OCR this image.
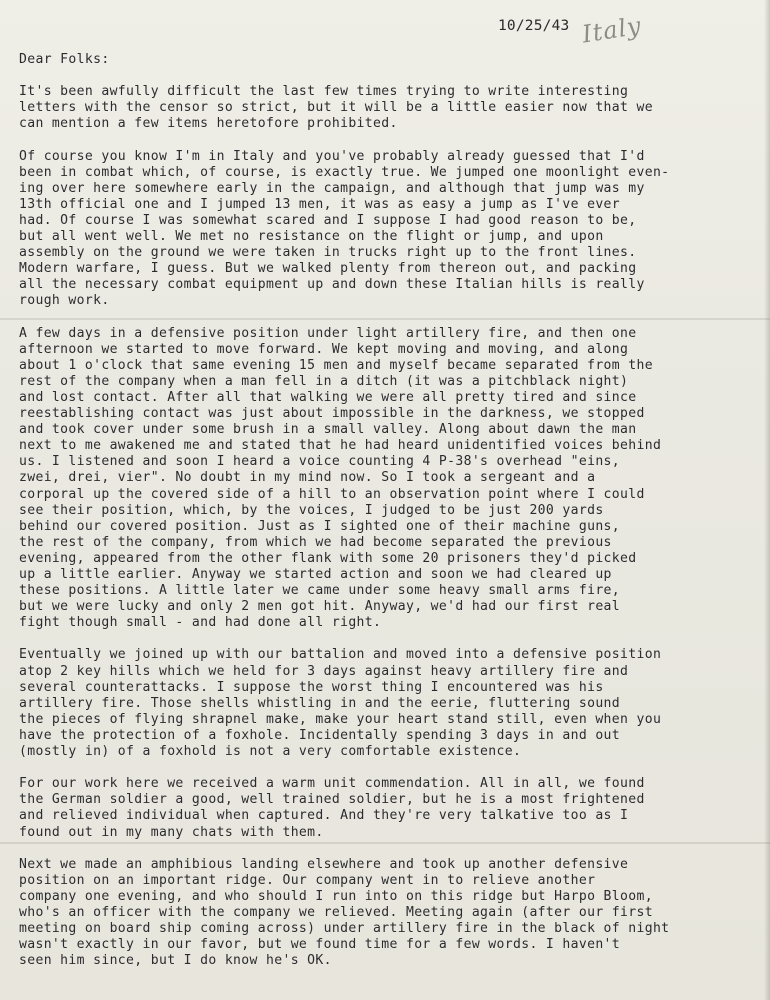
10/25/43 Italy

Dear Folks:

It's been awfully difficult the last few times trying to write interesting
letters with the censor so strict, but it will be a little easier now that we
can mention a few items heretofore prohibited.

Of course you know I'm in Italy and you've probably already guessed that I'd
been in combat which, of course, is exactly true. We jumped one moonlight even-
ing over here somewhere early in the campaign, and although that jump was my
13th official one and I jumped 13 men, it was as easy a jump as I've ever
had. Of course I was somewhat scared and I suppose I had good reason to be,
but all went well. We met no resistance on the flight or jump, and upon
assembly on the ground we were taken in trucks right up to the front lines.
Modern warfare, I guess. But we walked plenty from thereon out, and packing
all the necessary combat equipment up and down these Italian hills is really
rough work.

A few days in a defensive position under light artillery fire, and then one
afternoon we started to move forward. We kept moving and moving, and along
about 1 o'clock that same evening 15 men and myself became separated from the
rest of the company when a man fell in a ditch (it was a pitchblack night)
and lost contact. After all that walking we were all pretty tired and since
reestablishing contact was just about impossible in the darkness, we stopped
and took cover under some brush in a small valley. Along about dawn the man
next to me awakened me and stated that he had heard unidentified voices behind
us. I listened and soon I heard a voice counting 4 P-38's overhead "eins,
zwei, drei, vier". No doubt in my mind now. So I took a sergeant and a
corporal up the covered side of a hill to an observation point where I could
see their position, which, by the voices, I judged to be just 200 yards
behind our covered position. Just as I sighted one of their machine guns,
the rest of the company, from which we had become separated the previous
evening, appeared from the other flank with some 20 prisoners they'd picked
up a little earlier. Anyway we started action and soon we had cleared up
these positions. A little later we came under some heavy small arms fire,
but we were lucky and only 2 men got hit. Anyway, we'd had our first real
fight though small - and had done all right.

Eventually we joined up with our battalion and moved into a defensive position
atop 2 key hills which we held for 3 days against heavy artillery fire and
several counterattacks. I suppose the worst thing I encountered was his
artillery fire. Those shells whistling in and the eerie, fluttering sound
the pieces of flying shrapnel make, make your heart stand still, even when you
have the protection of a foxhole. Incidentally spending 3 days in and out
(mostly in) of a foxhold is not a very comfortable existence.

For our work here we received a warm unit commendation. All in all, we found
the German soldier a good, well trained soldier, but he is a most frightened
and relieved individual when captured. And they're very talkative too as I
found out in my many chats with them.

Next we made an amphibious landing elsewhere and took up another defensive
position on an important ridge. Our company went in to relieve another
company one evening, and who should I run into on this ridge but Harpo Bloom,
who's an officer with the company we relieved. Meeting again (after our first
meeting on board ship coming across) under artillery fire in the black of night
wasn't exactly in our favor, but we found time for a few words. I haven't
seen him since, but I do know he's OK.
